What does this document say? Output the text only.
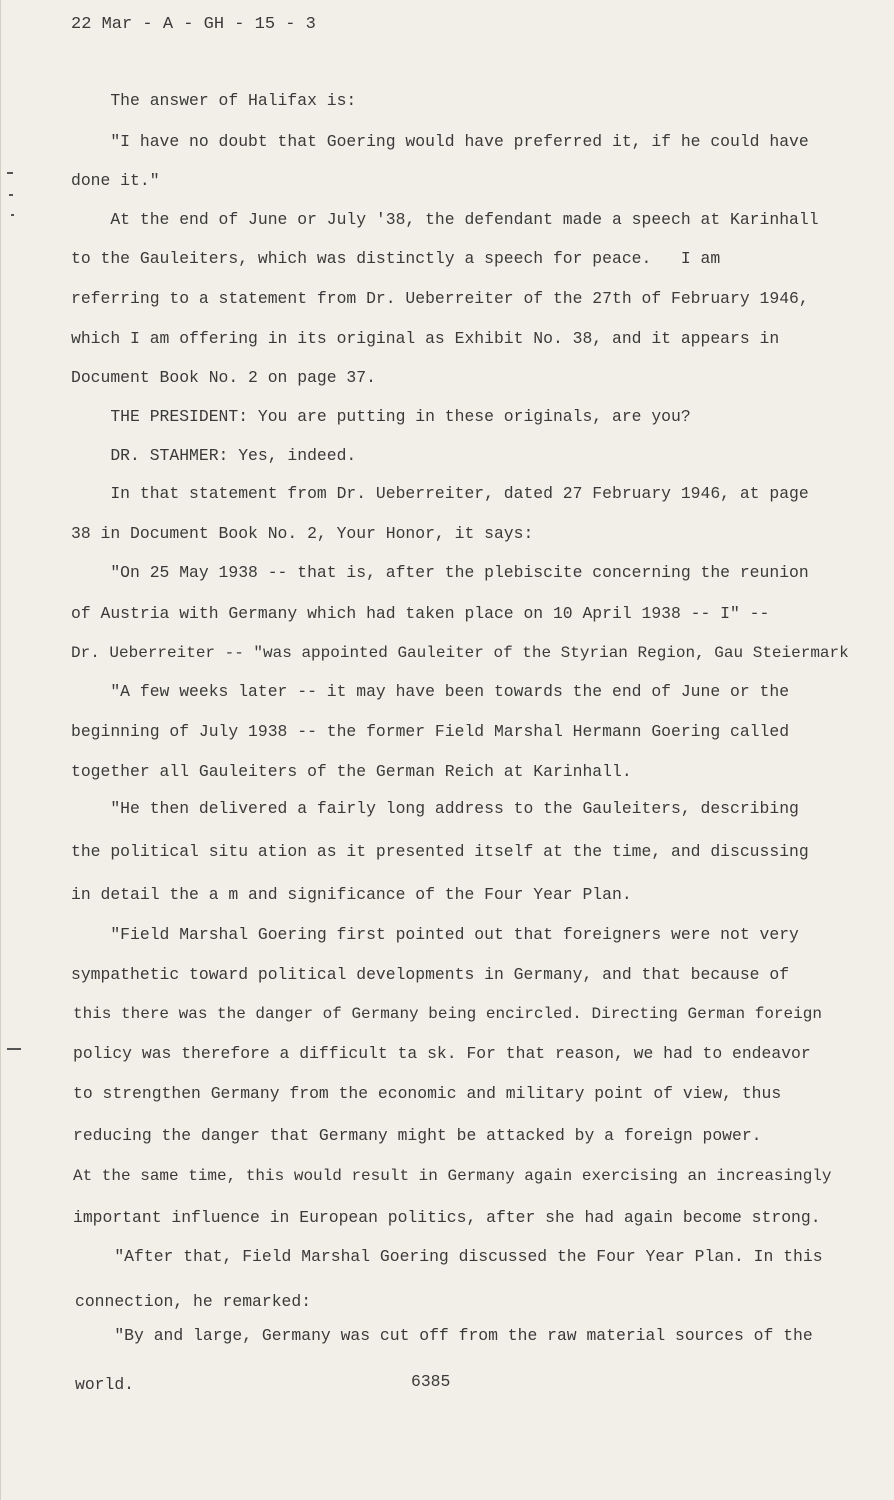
22 Mar - A - GH - 15 - 3
The answer of Halifax is:
"I have no doubt that Goering would have preferred it, if he could have
done it."
At the end of June or July '38, the defendant made a speech at Karinhall
to the Gauleiters, which was distinctly a speech for peace.   I am
referring to a statement from Dr. Ueberreiter of the 27th of February 1946,
which I am offering in its original as Exhibit No. 38, and it appears in
Document Book No. 2 on page 37.
THE PRESIDENT: You are putting in these originals, are you?
DR. STAHMER: Yes, indeed.
In that statement from Dr. Ueberreiter, dated 27 February 1946, at page
38 in Document Book No. 2, Your Honor, it says:
"On 25 May 1938 -- that is, after the plebiscite concerning the reunion
of Austria with Germany which had taken place on 10 April 1938 -- I" --
Dr. Ueberreiter -- "was appointed Gauleiter of the Styrian Region, Gau Steiermark
"A few weeks later -- it may have been towards the end of June or the
beginning of July 1938 -- the former Field Marshal Hermann Goering called
together all Gauleiters of the German Reich at Karinhall.
"He then delivered a fairly long address to the Gauleiters, describing
the political situ ation as it presented itself at the time, and discussing
in detail the a m and significance of the Four Year Plan.
"Field Marshal Goering first pointed out that foreigners were not very
sympathetic toward political developments in Germany, and that because of
this there was the danger of Germany being encircled. Directing German foreign
policy was therefore a difficult ta sk. For that reason, we had to endeavor
to strengthen Germany from the economic and military point of view, thus
reducing the danger that Germany might be attacked by a foreign power.
At the same time, this would result in Germany again exercising an increasingly
important influence in European politics, after she had again become strong.
"After that, Field Marshal Goering discussed the Four Year Plan. In this
connection, he remarked:
"By and large, Germany was cut off from the raw material sources of the
world.	6385
